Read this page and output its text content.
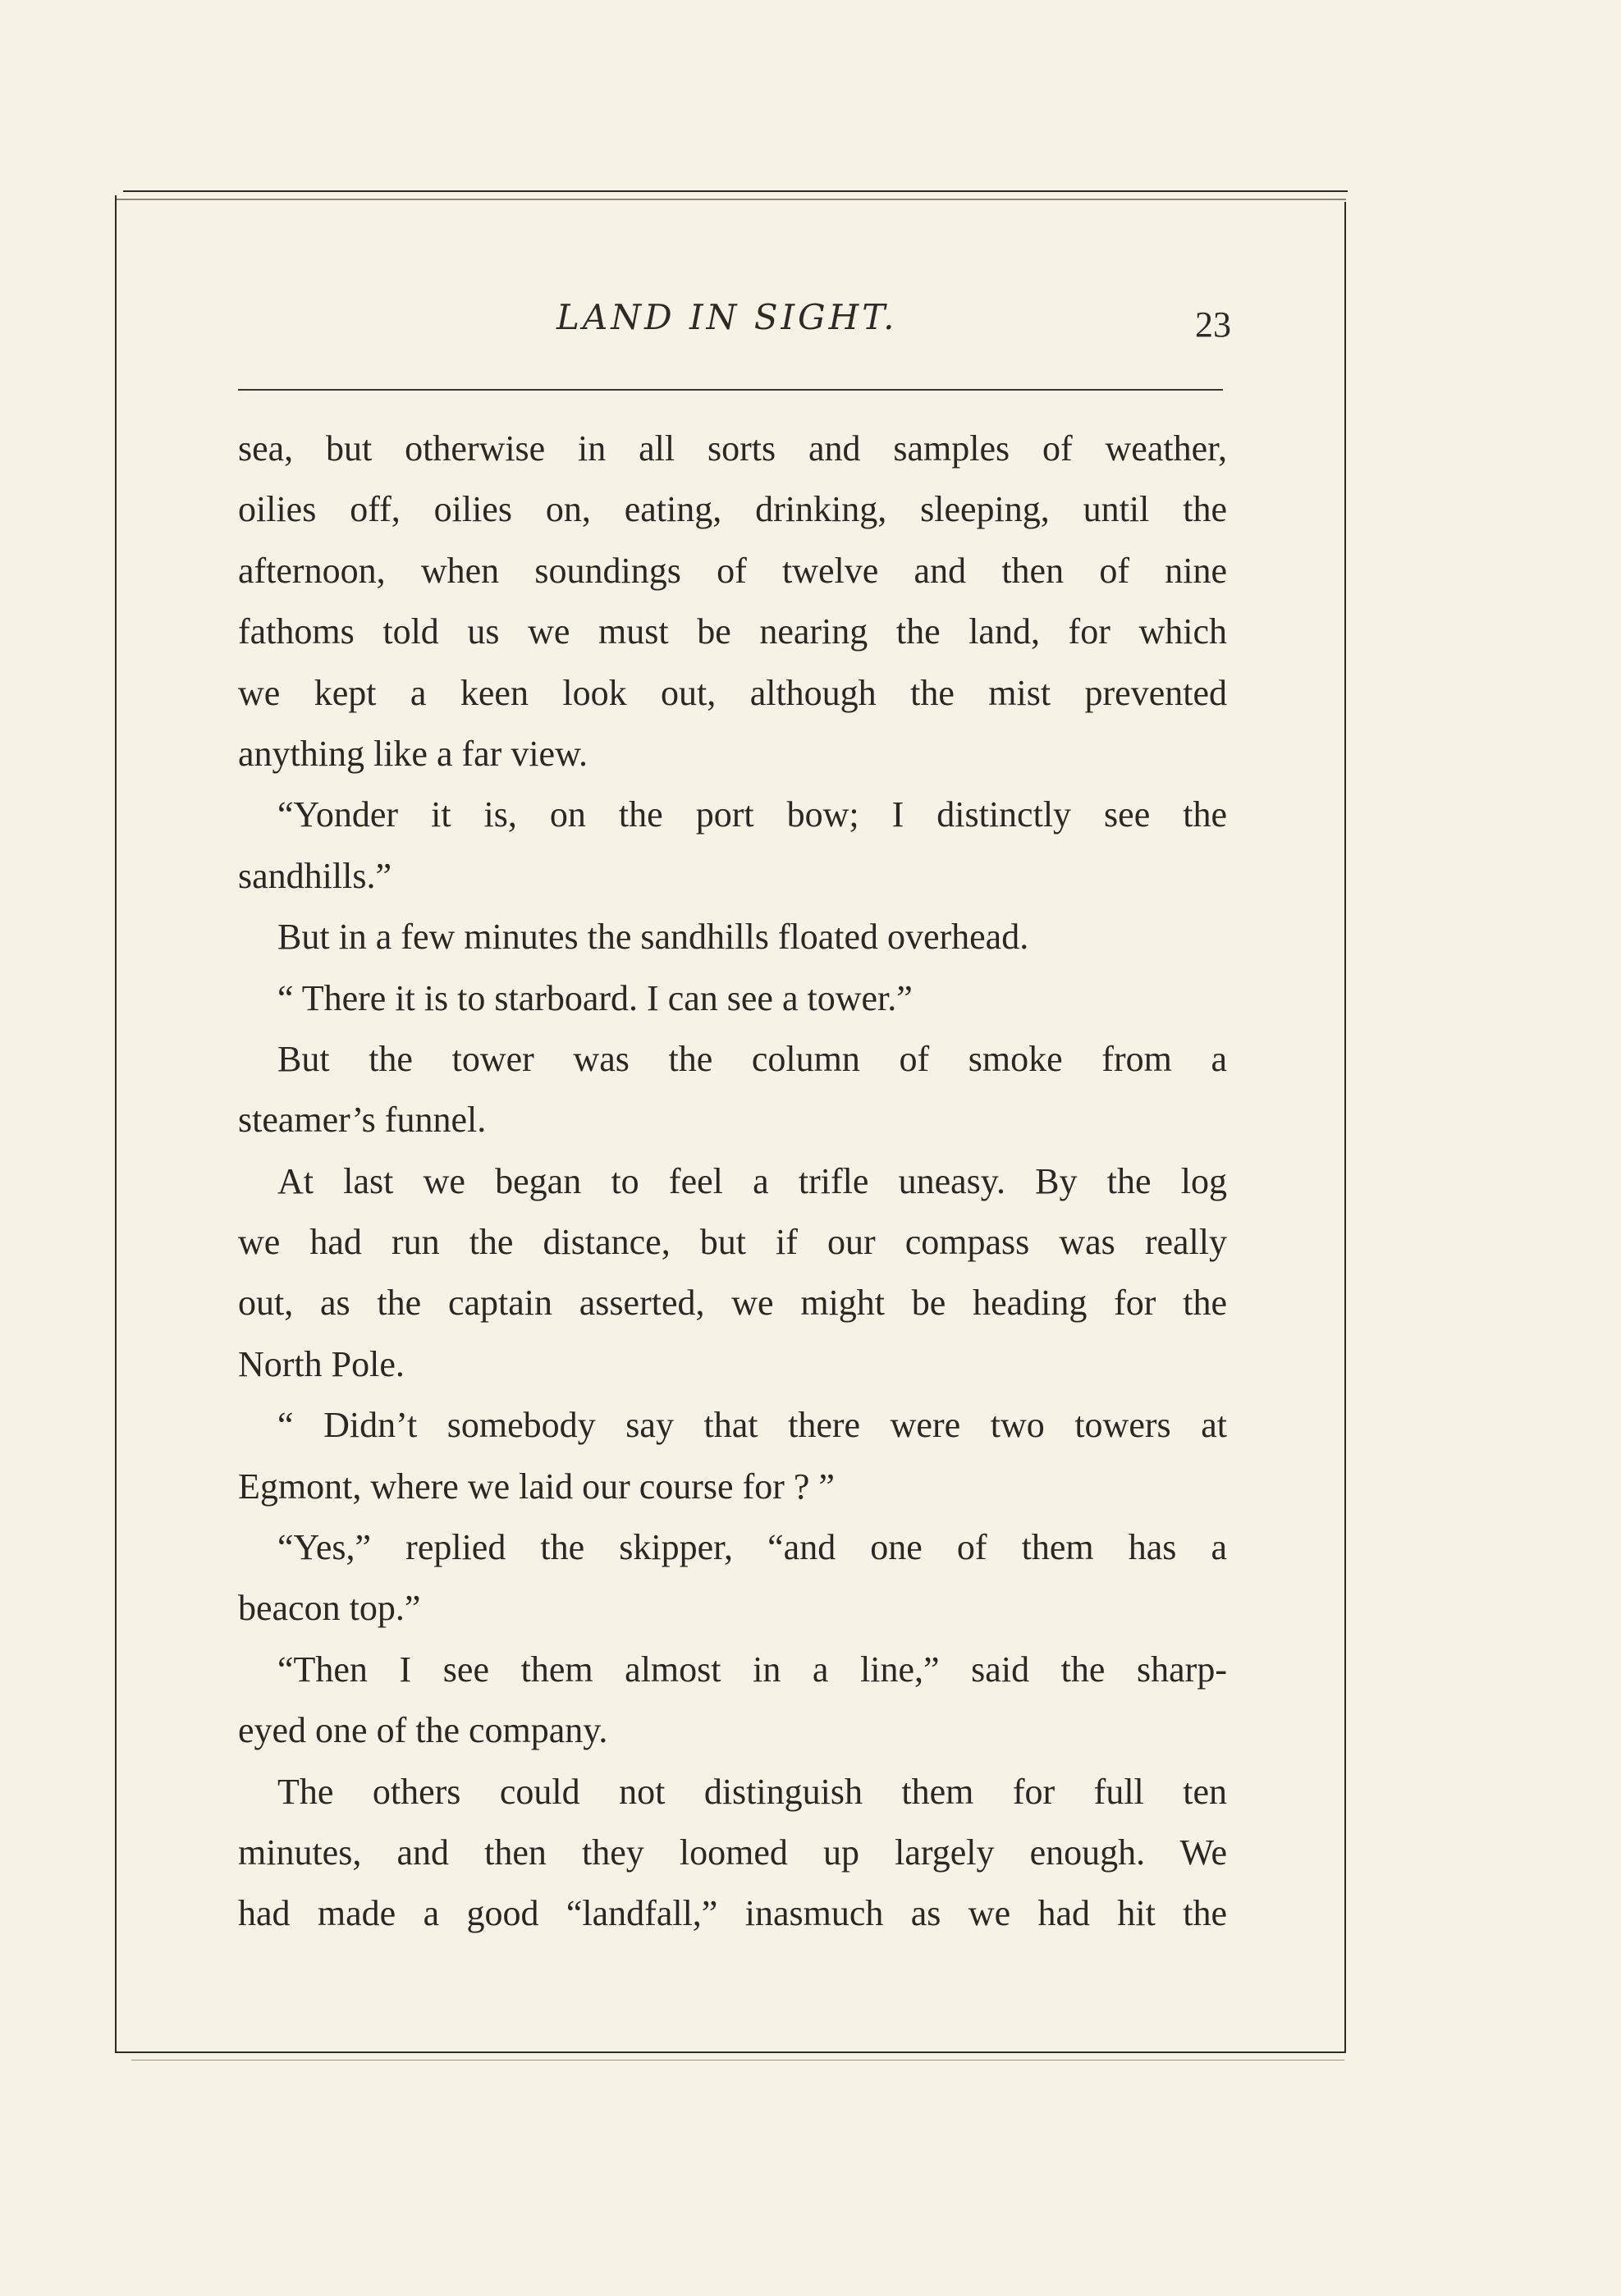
LAND IN SIGHT.	23
sea, but otherwise in all sorts and samples of weather,
oilies off, oilies on, eating, drinking, sleeping, until the
afternoon, when soundings of twelve and then of nine
fathoms told us we must be nearing the land, for which
we kept a keen look out, although the mist prevented
anything like a far view.
“Yonder it is, on the port bow; I distinctly see the
sandhills.”
But in a few minutes the sandhills floated overhead.
“ There it is to starboard. I can see a tower.”
But the tower was the column of smoke from a
steamer’s funnel.
At last we began to feel a trifle uneasy. By the log
we had run the distance, but if our compass was really
out, as the captain asserted, we might be heading for the
North Pole.
“ Didn’t somebody say that there were two towers at
Egmont, where we laid our course for ? ”
“Yes,” replied the skipper, “and one of them has a
beacon top.”
“Then I see them almost in a line,” said the sharp-
eyed one of the company.
The others could not distinguish them for full ten
minutes, and then they loomed up largely enough. We
had made a good “landfall,” inasmuch as we had hit the
